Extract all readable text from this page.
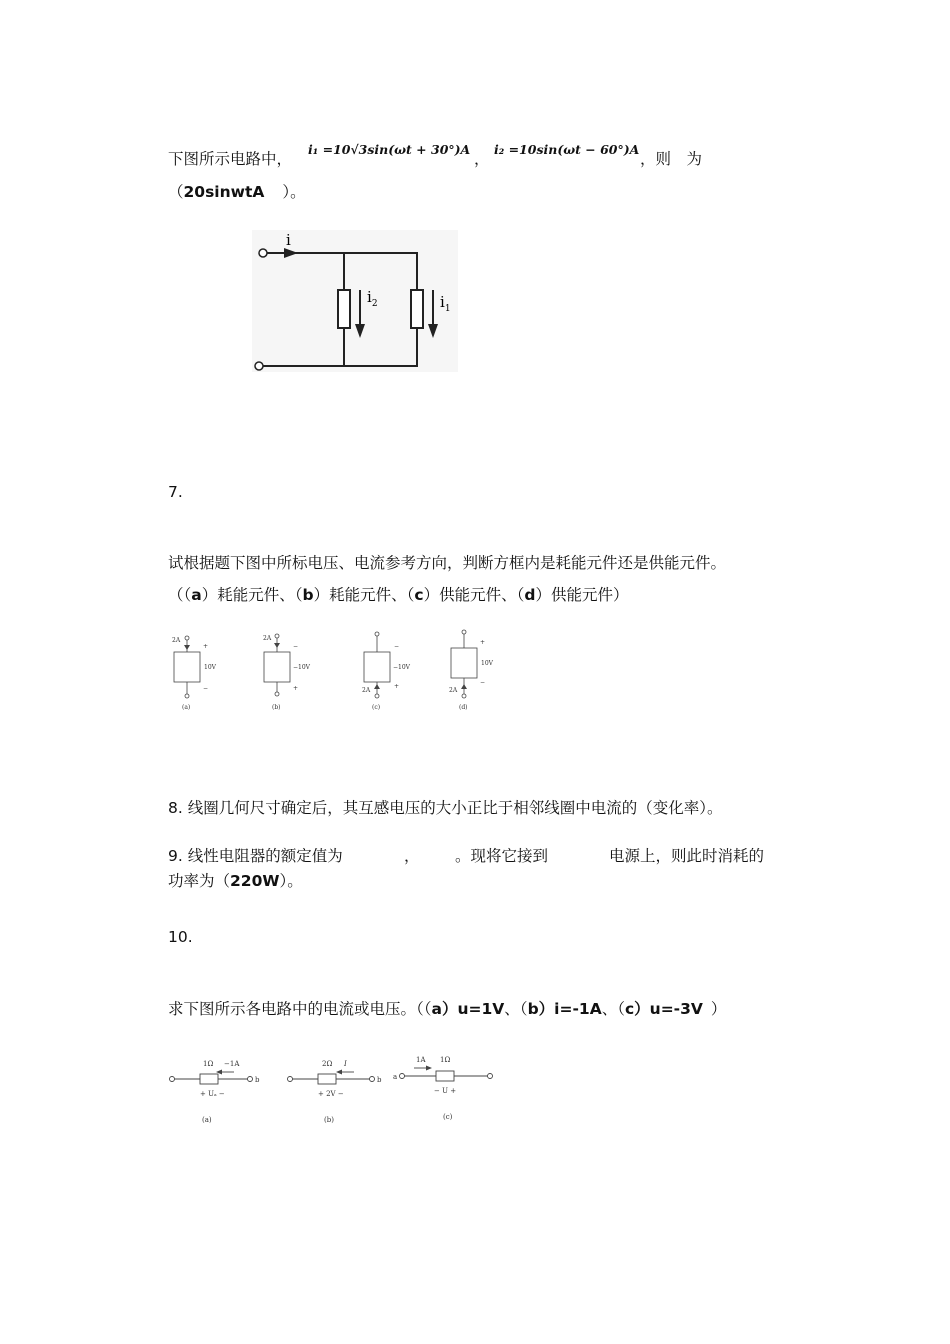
下图所示电路中，
i₁ =10√3sin(ωt + 30°)A
，
i₂ =10sin(ωt − 60°)A
，则　为
（20sinwtA ）。
i
$i_2$	$i_1$
7.
试根据题下图中所标电压、电流参考方向，判断方框内是耗能元件还是供能元件。
（（a）耗能元件、（b）耗能元件、（c）供能元件、（d）供能元件）
2A
+
10V
−
(a)
2A
−
−10V
+
(b)
−
−10V
+
2A
(c)
+
10V
−
2A
(d)
8. 线圈几何尺寸确定后，其互感电压的大小正比于相邻线圈中电流的（变化率）。
9. 线性电阻器的额定值为	， 。现将它接到	电源上，则此时消耗的
功率为（220W）。
10.
求下图所示各电路中的电流或电压。（（a）u=1V、（b）i=-1A、（c）u=-3V ）
1Ω −1A
b
+ Uₐ −
(a)
2Ω I
b
+ 2V −
(b)
a
1A 1Ω
− U +
(c)
